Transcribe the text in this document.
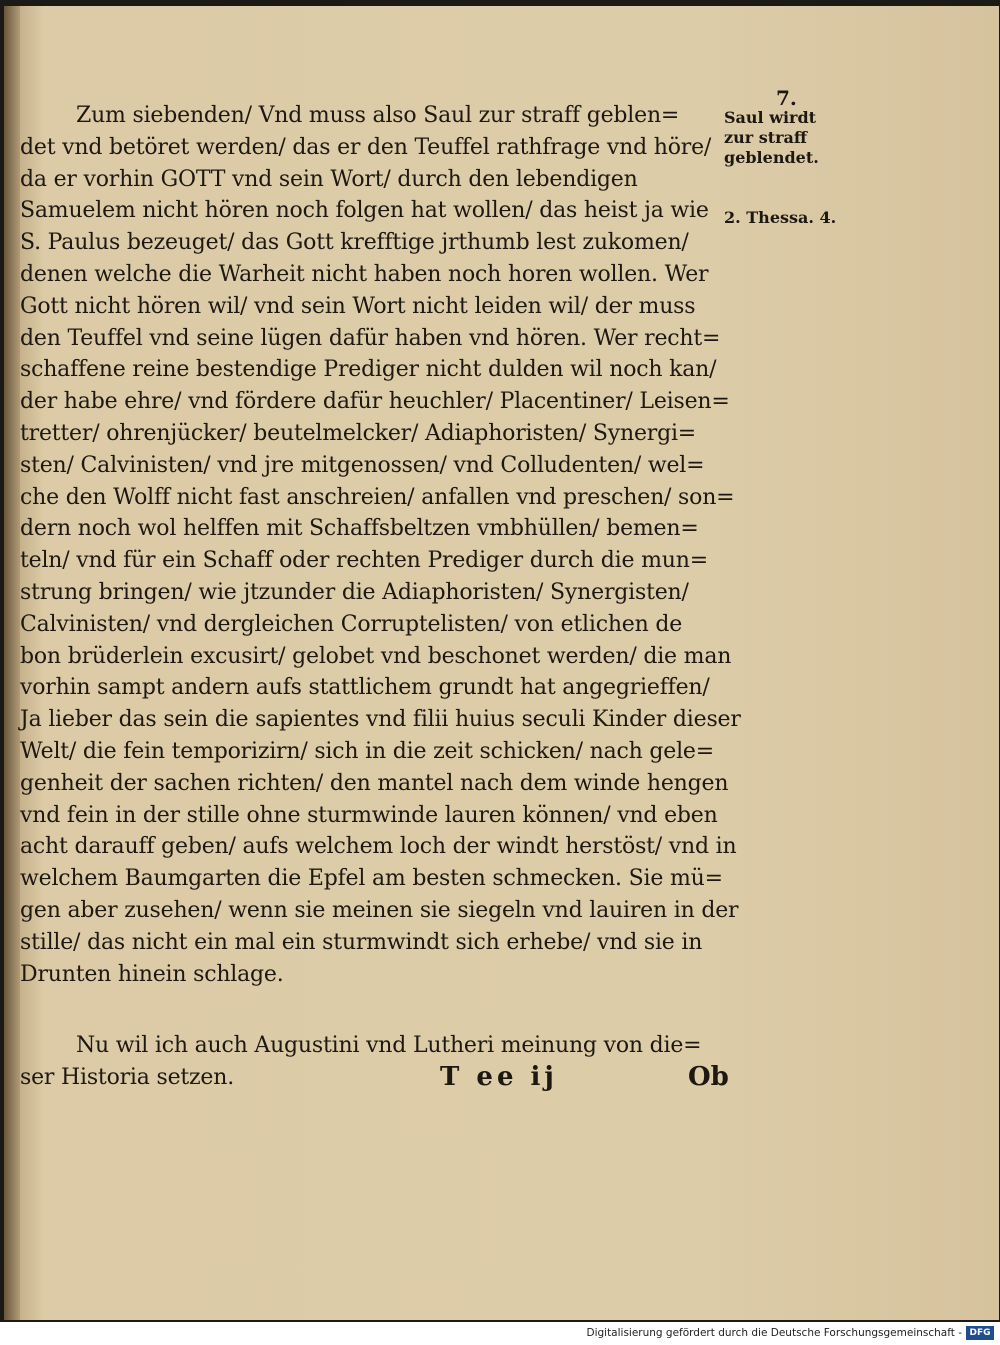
7.
Zum siebenden/ Vnd muss also Saul zur straff geblen=
det vnd betöret werden/ das er den Teuffel rathfrage vnd höre/
da er vorhin GOTT vnd sein Wort/ durch den lebendigen
Samuelem nicht hören noch folgen hat wollen/ das heist ja wie
S. Paulus bezeuget/ das Gott krefftige jrthumb lest zukomen/
denen welche die Warheit nicht haben noch horen wollen. Wer
Gott nicht hören wil/ vnd sein Wort nicht leiden wil/ der muss
den Teuffel vnd seine lügen dafür haben vnd hören. Wer recht=
schaffene reine bestendige Prediger nicht dulden wil noch kan/
der habe ehre/ vnd fördere dafür heuchler/ Placentiner/ Leisen=
tretter/ ohrenjücker/ beutelmelcker/ Adiaphoristen/ Synergi=
sten/ Calvinisten/ vnd jre mitgenossen/ vnd Colludenten/ wel=
che den Wolff nicht fast anschreien/ anfallen vnd preschen/ son=
dern noch wol helffen mit Schaffsbeltzen vmbhüllen/ bemen=
teln/ vnd für ein Schaff oder rechten Prediger durch die mun=
strung bringen/ wie jtzunder die Adiaphoristen/ Synergisten/
Calvinisten/ vnd dergleichen Corruptelisten/ von etlichen de
bon brüderlein excusirt/ gelobet vnd beschonet werden/ die man
vorhin sampt andern aufs stattlichem grundt hat angegrieffen/
Ja lieber das sein die sapientes vnd filii huius seculi Kinder dieser
Welt/ die fein temporizirn/ sich in die zeit schicken/ nach gele=
genheit der sachen richten/ den mantel nach dem winde hengen
vnd fein in der stille ohne sturmwinde lauren können/ vnd eben
acht darauff geben/ aufs welchem loch der windt herstöst/ vnd in
welchem Baumgarten die Epfel am besten schmecken. Sie mü=
gen aber zusehen/ wenn sie meinen sie siegeln vnd lauiren in der
stille/ das nicht ein mal ein sturmwindt sich erhebe/ vnd sie in
Drunten hinein schlage.
Nu wil ich auch Augustini vnd Lutheri meinung von die=
ser Historia setzen.
Saul wirdt
zur straff
geblendet.
2. Thessa. 4.
T ee ij	Ob
Digitalisierung gefördert durch die Deutsche Forschungsgemeinschaft - DFG
